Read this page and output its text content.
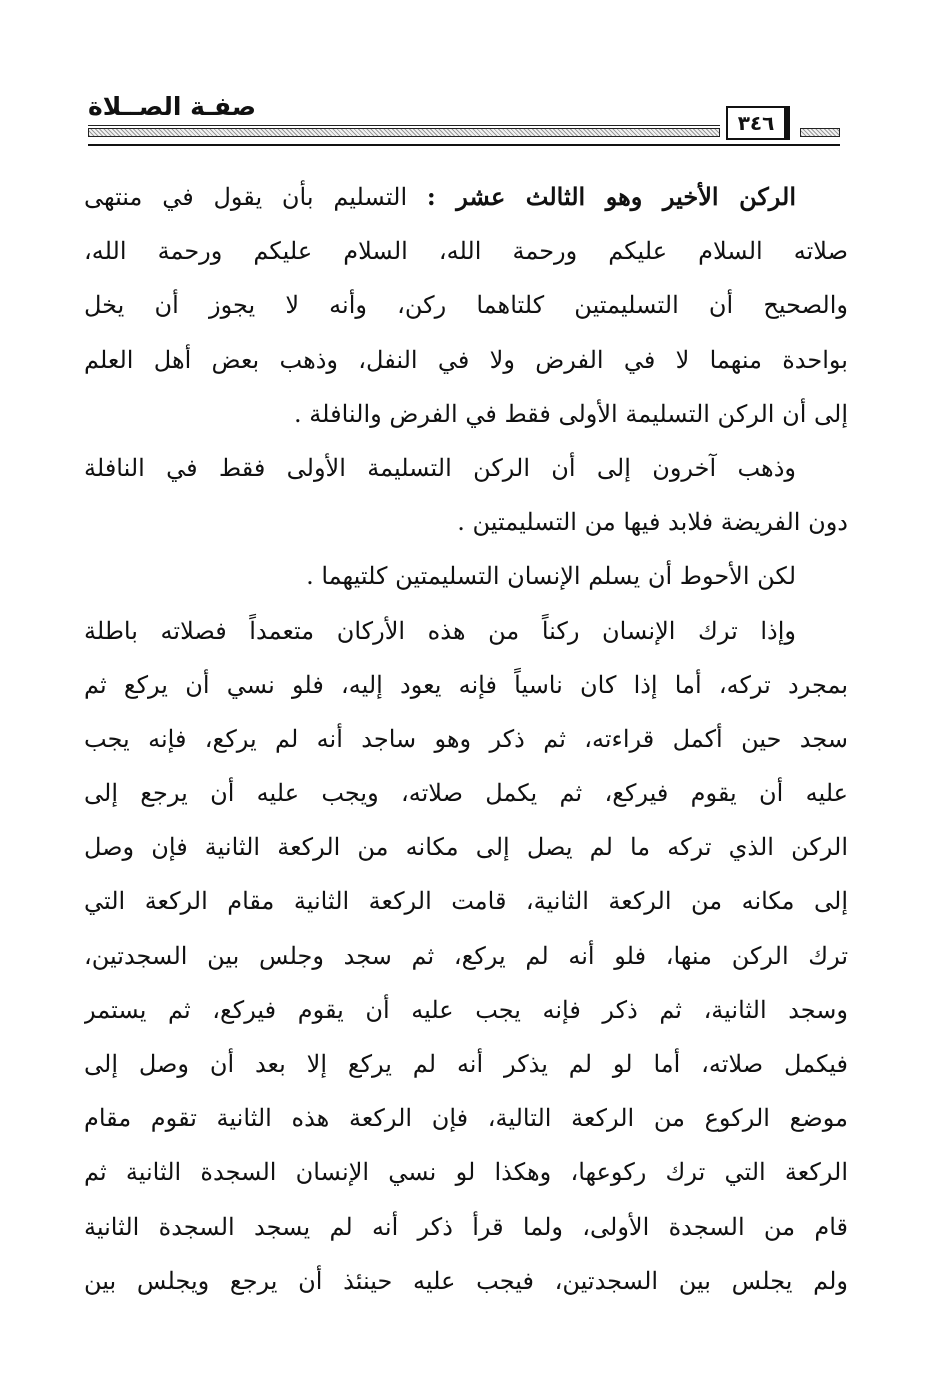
صفـة الصــلاة
٣٤٦
الركن الأخير وهو الثالث عشر : التسليم بأن يقول في منتهى
صلاته السلام عليكم ورحمة الله، السلام عليكم ورحمة الله،
والصحيح أن التسليمتين كلتاهما ركن، وأنه لا يجوز أن يخل
بواحدة منهما لا في الفرض ولا في النفل، وذهب بعض أهل العلم
إلى أن الركن التسليمة الأولى فقط في الفرض والنافلة .
وذهب آخرون إلى أن الركن التسليمة الأولى فقط في النافلة
دون الفريضة فلابد فيها من التسليمتين .
لكن الأحوط أن يسلم الإنسان التسليمتين كلتيهما .
وإذا ترك الإنسان ركناً من هذه الأركان متعمداً فصلاته باطلة
بمجرد تركه، أما إذا كان ناسياً فإنه يعود إليه، فلو نسي أن يركع ثم
سجد حين أكمل قراءته، ثم ذكر وهو ساجد أنه لم يركع، فإنه يجب
عليه أن يقوم فيركع، ثم يكمل صلاته، ويجب عليه أن يرجع إلى
الركن الذي تركه ما لم يصل إلى مكانه من الركعة الثانية فإن وصل
إلى مكانه من الركعة الثانية، قامت الركعة الثانية مقام الركعة التي
ترك الركن منها، فلو أنه لم يركع، ثم سجد وجلس بين السجدتين،
وسجد الثانية، ثم ذكر فإنه يجب عليه أن يقوم فيركع، ثم يستمر
فيكمل صلاته، أما لو لم يذكر أنه لم يركع إلا بعد أن وصل إلى
موضع الركوع من الركعة التالية، فإن الركعة هذه الثانية تقوم مقام
الركعة التي ترك ركوعها، وهكذا لو نسي الإنسان السجدة الثانية ثم
قام من السجدة الأولى، ولما قرأ ذكر أنه لم يسجد السجدة الثانية
ولم يجلس بين السجدتين، فيجب عليه حينئذ أن يرجع ويجلس بين
